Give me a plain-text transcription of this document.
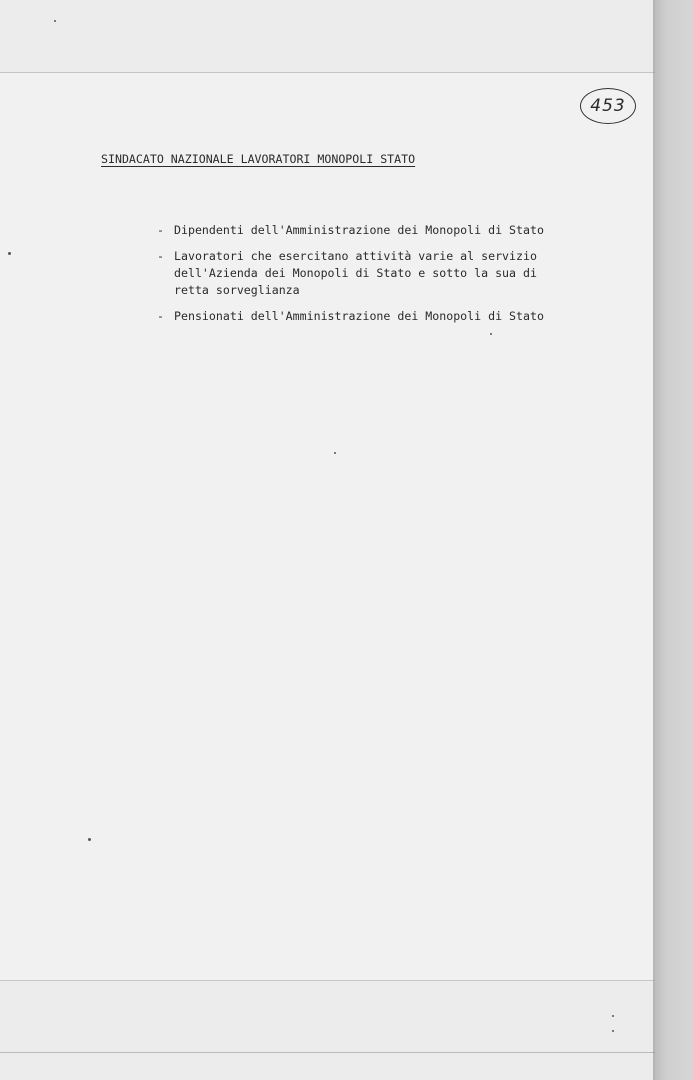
453
SINDACATO NAZIONALE LAVORATORI MONOPOLI STATO
- Dipendenti dell'Amministrazione dei Monopoli di Stato
- Lavoratori che esercitano attività varie al servizio
dell'Azienda dei Monopoli di Stato e sotto la sua di
retta sorveglianza
- Pensionati dell'Amministrazione dei Monopoli di Stato
